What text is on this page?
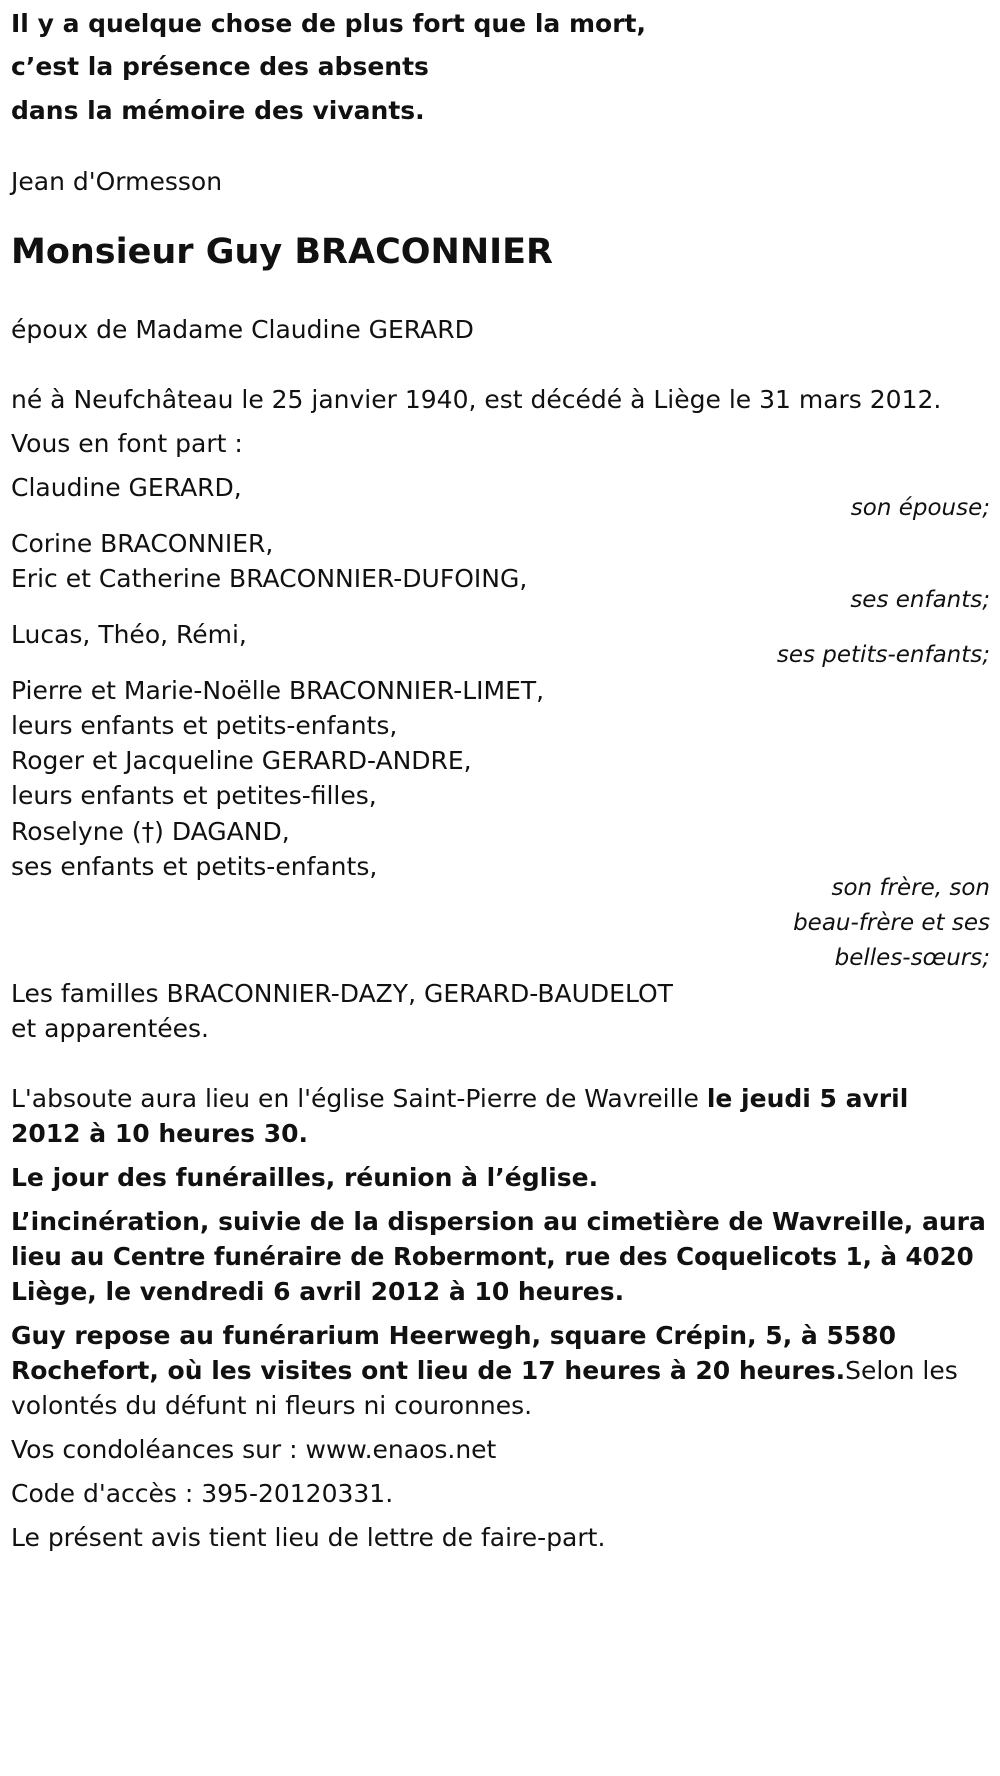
Il y a quelque chose de plus fort que la mort,
c’est la présence des absents
dans la mémoire des vivants.
Jean d'Ormesson
Monsieur Guy BRACONNIER
époux de Madame Claudine GERARD
né à Neufchâteau le 25 janvier 1940, est décédé à Liège le 31 mars 2012.
Vous en font part :
Claudine GERARD,
son épouse;
Corine BRACONNIER,
Eric et Catherine BRACONNIER-DUFOING,
ses enfants;
Lucas, Théo, Rémi,
ses petits-enfants;
Pierre et Marie-Noëlle BRACONNIER-LIMET,
leurs enfants et petits-enfants,
Roger et Jacqueline GERARD-ANDRE,
leurs enfants et petites-filles,
Roselyne (†) DAGAND,
ses enfants et petits-enfants,
son frère, son
beau-frère et ses
belles-sœurs;
Les familles BRACONNIER-DAZY, GERARD-BAUDELOT
et apparentées.
L'absoute aura lieu en l'église Saint-Pierre de Wavreille le jeudi 5 avril
2012 à 10 heures 30.
Le jour des funérailles, réunion à l’église.
L’incinération, suivie de la dispersion au cimetière de Wavreille, aura
lieu au Centre funéraire de Robermont, rue des Coquelicots 1, à 4020
Liège, le vendredi 6 avril 2012 à 10 heures.
Guy repose au funérarium Heerwegh, square Crépin, 5, à 5580
Rochefort, où les visites ont lieu de 17 heures à 20 heures.Selon les
volontés du défunt ni fleurs ni couronnes.
Vos condoléances sur : www.enaos.net
Code d'accès : 395-20120331.
Le présent avis tient lieu de lettre de faire-part.
